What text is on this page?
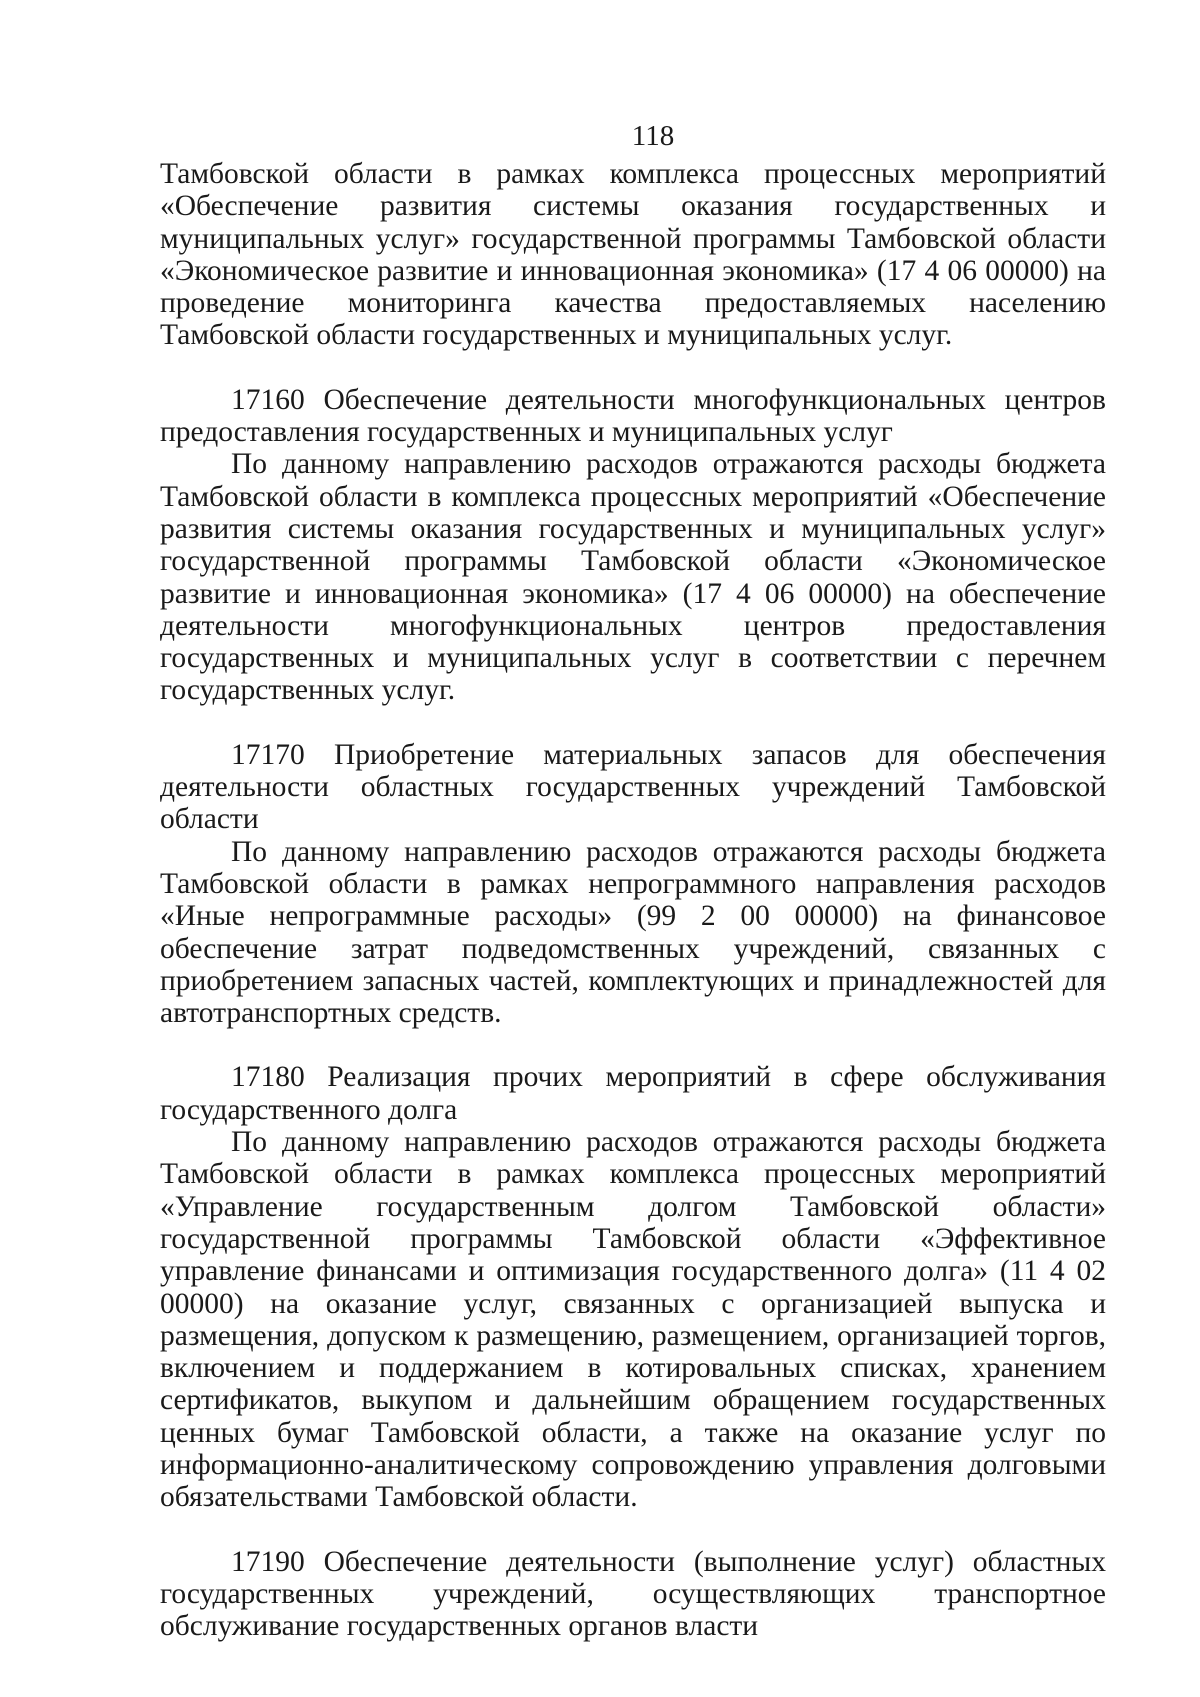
118

Тамбовской области в рамках комплекса процессных мероприятий «Обеспечение развития системы оказания государственных и муниципальных услуг» государственной программы Тамбовской области «Экономическое развитие и инновационная экономика» (17 4 06 00000) на проведение мониторинга качества предоставляемых населению Тамбовской области государственных и муниципальных услуг.

17160 Обеспечение деятельности многофункциональных центров предоставления государственных и муниципальных услуг

По данному направлению расходов отражаются расходы бюджета Тамбовской области в комплекса процессных мероприятий «Обеспечение развития системы оказания государственных и муниципальных услуг» государственной программы Тамбовской области «Экономическое развитие и инновационная экономика» (17 4 06 00000) на обеспечение деятельности многофункциональных центров предоставления государственных и муниципальных услуг в соответствии с перечнем государственных услуг.

17170 Приобретение материальных запасов для обеспечения деятельности областных государственных учреждений Тамбовской области

По данному направлению расходов отражаются расходы бюджета Тамбовской области в рамках непрограммного направления расходов «Иные непрограммные расходы» (99 2 00 00000) на финансовое обеспечение затрат подведомственных учреждений, связанных с приобретением запасных частей, комплектующих и принадлежностей для автотранспортных средств.

17180 Реализация прочих мероприятий в сфере обслуживания государственного долга

По данному направлению расходов отражаются расходы бюджета Тамбовской области в рамках комплекса процессных мероприятий «Управление государственным долгом Тамбовской области» государственной программы Тамбовской области «Эффективное управление финансами и оптимизация государственного долга» (11 4 02 00000) на оказание услуг, связанных с организацией выпуска и размещения, допуском к размещению, размещением, организацией торгов, включением и поддержанием в котировальных списках, хранением сертификатов, выкупом и дальнейшим обращением государственных ценных бумаг Тамбовской области, а также на оказание услуг по информационно-аналитическому сопровождению управления долговыми обязательствами Тамбовской области.

17190 Обеспечение деятельности (выполнение услуг) областных государственных учреждений, осуществляющих транспортное обслуживание государственных органов власти
